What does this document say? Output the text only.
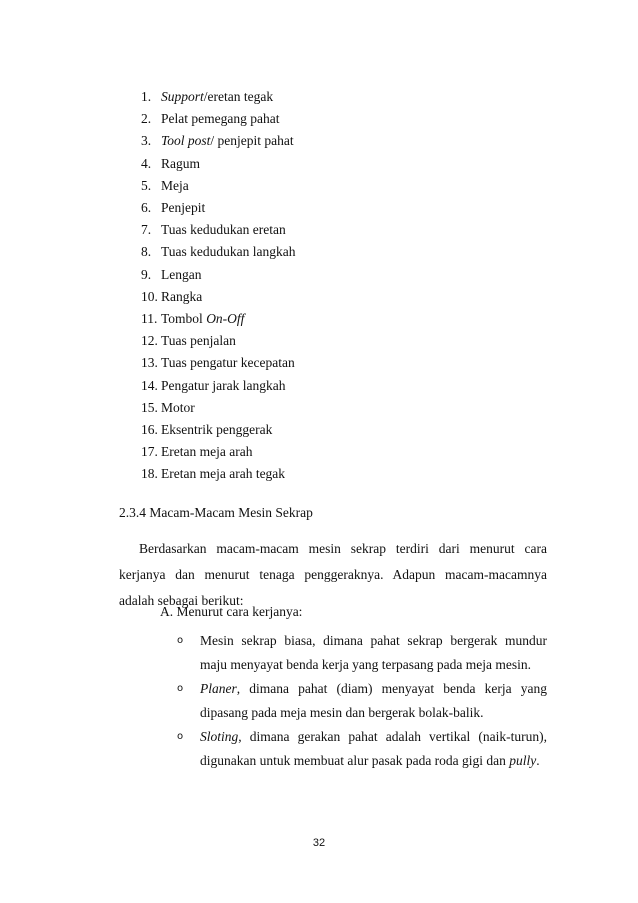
1. Support/eretan tegak
2. Pelat pemegang pahat
3. Tool post/ penjepit pahat
4. Ragum
5. Meja
6. Penjepit
7. Tuas kedudukan eretan
8. Tuas kedudukan langkah
9. Lengan
10. Rangka
11. Tombol On-Off
12. Tuas penjalan
13. Tuas pengatur kecepatan
14. Pengatur jarak langkah
15. Motor
16. Eksentrik penggerak
17. Eretan meja arah
18. Eretan meja arah tegak
2.3.4 Macam-Macam Mesin Sekrap
Berdasarkan macam-macam mesin sekrap terdiri dari menurut cara kerjanya dan menurut tenaga penggeraknya. Adapun macam-macamnya adalah sebagai berikut:
A. Menurut cara kerjanya:
o Mesin sekrap biasa, dimana pahat sekrap bergerak mundur maju menyayat benda kerja yang terpasang pada meja mesin.
o Planer, dimana pahat (diam) menyayat benda kerja yang dipasang pada meja mesin dan bergerak bolak-balik.
o Sloting, dimana gerakan pahat adalah vertikal (naik-turun), digunakan untuk membuat alur pasak pada roda gigi dan pully.
32
